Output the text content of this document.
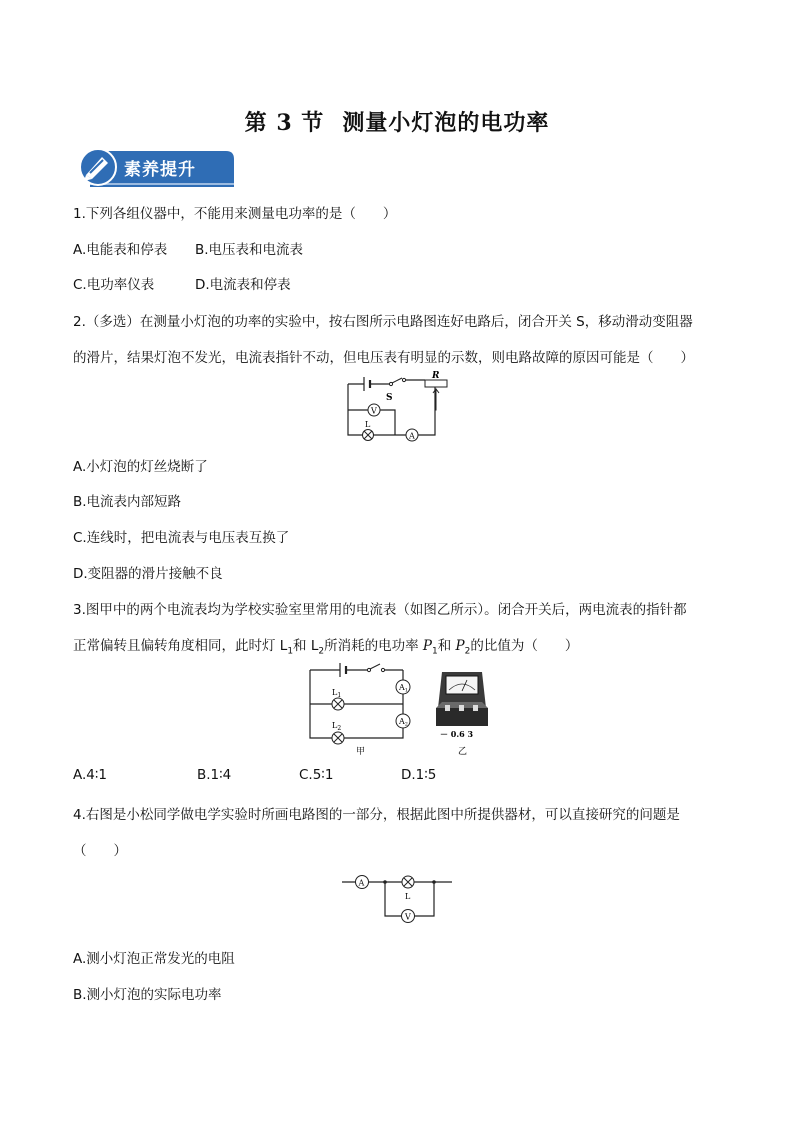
第 3 节 测量小灯泡的电功率
素养提升
1.下列各组仪器中，不能用来测量电功率的是（　　）
A.电能表和停表 B.电压表和电流表
C.电功率仪表	D.电流表和停表
2.（多选）在测量小灯泡的功率的实验中，按右图所示电路图连好电路后，闭合开关 S，移动滑动变阻器
的滑片，结果灯泡不发光，电流表指针不动，但电压表有明显的示数，则电路故障的原因可能是（　　）
S
R
V
L
A
A.小灯泡的灯丝烧断了
B.电流表内部短路
C.连线时，把电流表与电压表互换了
D.变阻器的滑片接触不良
3.图甲中的两个电流表均为学校实验室里常用的电流表（如图乙所示）。闭合开关后，两电流表的指针都
正常偏转且偏转角度相同，此时灯 $L_1$和 $L_2$所消耗的电功率 $P_1$和 $P_2$的比值为（　　）
$L_1$
$L_2$
A1
A2
甲
－ 0.6 3
乙
A.4∶1	B.1∶4	C.5∶1	D.1∶5
4.右图是小松同学做电学实验时所画电路图的一部分，根据此图中所提供器材，可以直接研究的问题是
（　　）
A
L
V
A.测小灯泡正常发光的电阻
B.测小灯泡的实际电功率
